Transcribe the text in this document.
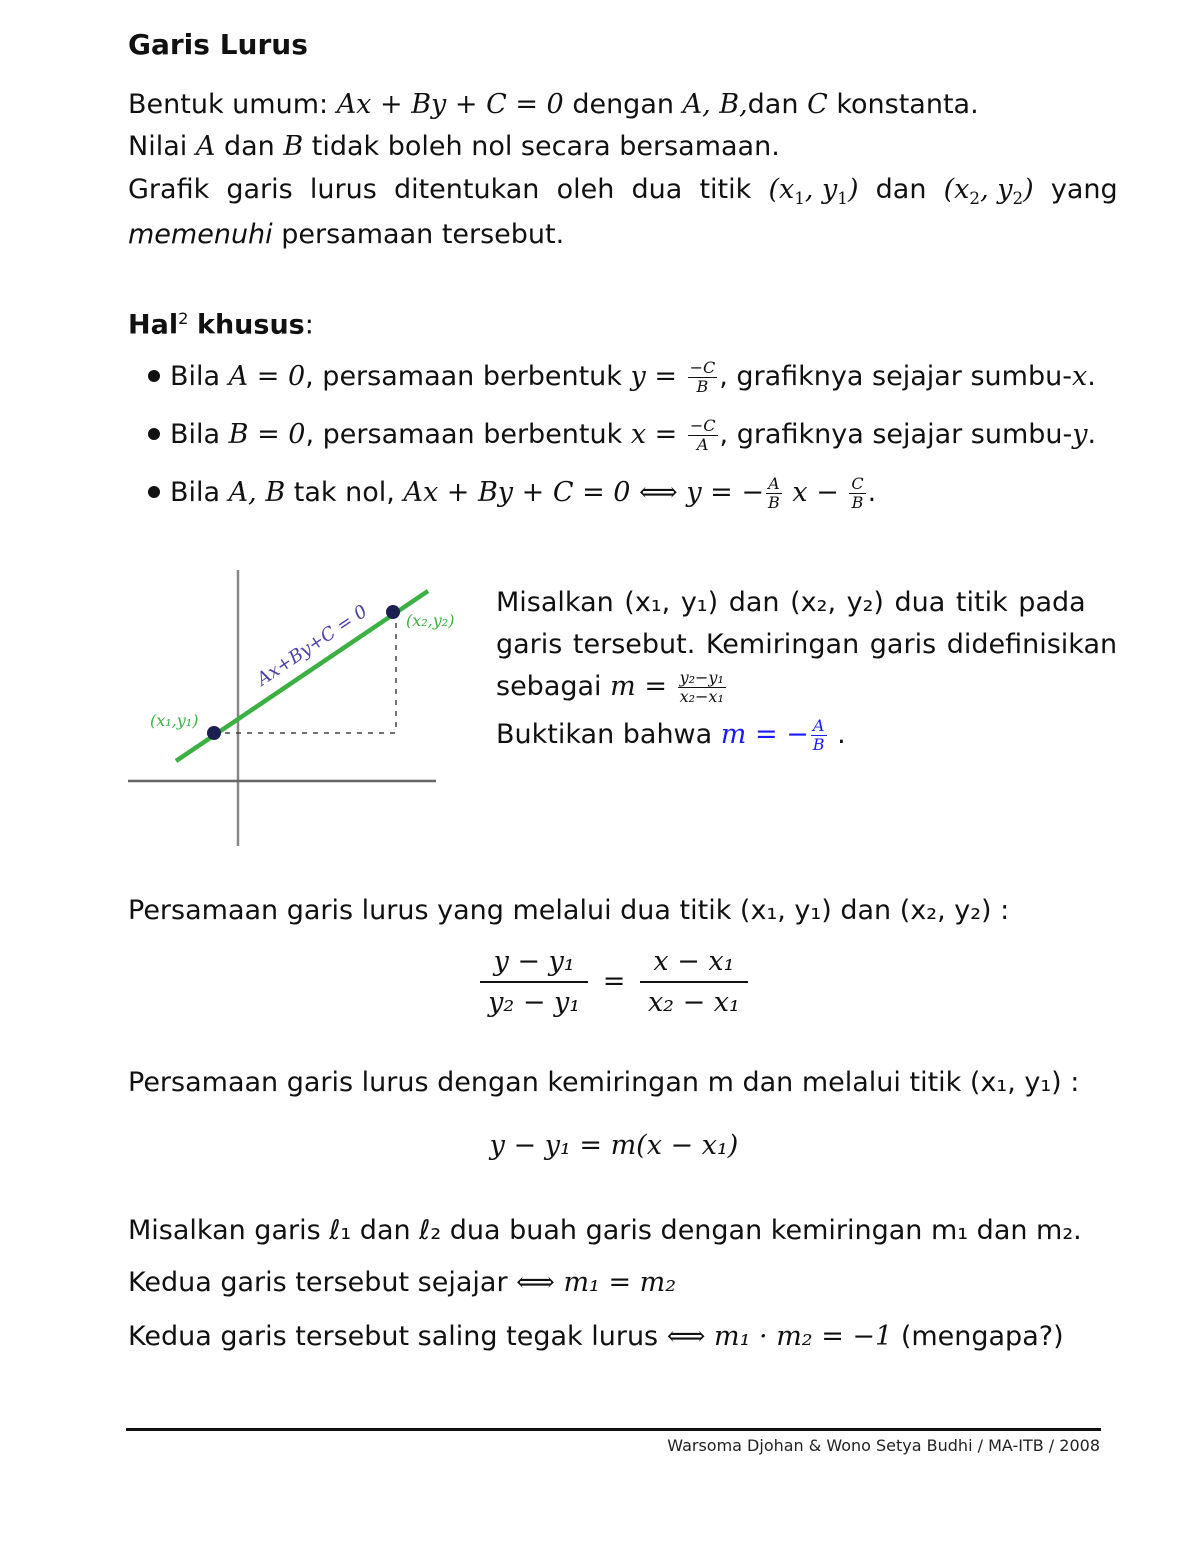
Garis Lurus
Bentuk umum: Ax + By + C = 0 dengan A, B,dan C konstanta.
Nilai A dan B tidak boleh nol secara bersamaan.
Grafik  garis  lurus  ditentukan  oleh  dua  titik  ($x_1$, $y_1$)  dan  ($x_2$, $y_2$)  yang
memenuhi persamaan tersebut.
Hal$^2$ khusus:
Bila A = 0, persamaan berbentuk $y = \frac{-C}{B}$ , grafiknya sejajar sumbu-x.
Bila B = 0, persamaan berbentuk $x = \frac{-C}{A}$ , grafiknya sejajar sumbu-y.
Bila A, B tak nol, Ax + By + C = 0 ⟺ y = − $\frac{A}{B}$ $x - \frac{C}{B}$ .
Ax+By+C = 0
(x₁,y₁)
(x₂,y₂)
Misalkan (x₁, y₁) dan (x₂, y₂) dua titik pada
garis tersebut. Kemiringan garis didefinisikan
sebagai $m = \frac{\text{y₂−y₁}}{\text{x₂−x₁}}$
Buktikan bahwa m = − $\frac{A}{B}$ .
Persamaan garis lurus yang melalui dua titik (x₁, y₁) dan (x₂, y₂) :
$\frac{\text{y − y₁}}{\text{y₂ − y₁}} = \frac{\text{x − x₁}}{\text{x₂ − x₁}}$
Persamaan garis lurus dengan kemiringan m dan melalui titik (x₁, y₁) :
y − y₁ = m(x − x₁)
Misalkan garis ℓ₁ dan ℓ₂ dua buah garis dengan kemiringan m₁ dan m₂.
Kedua garis tersebut sejajar ⟺ m₁ = m₂
Kedua garis tersebut saling tegak lurus ⟺ m₁ · m₂ = −1 (mengapa?)
Warsoma Djohan & Wono Setya Budhi / MA-ITB / 2008
